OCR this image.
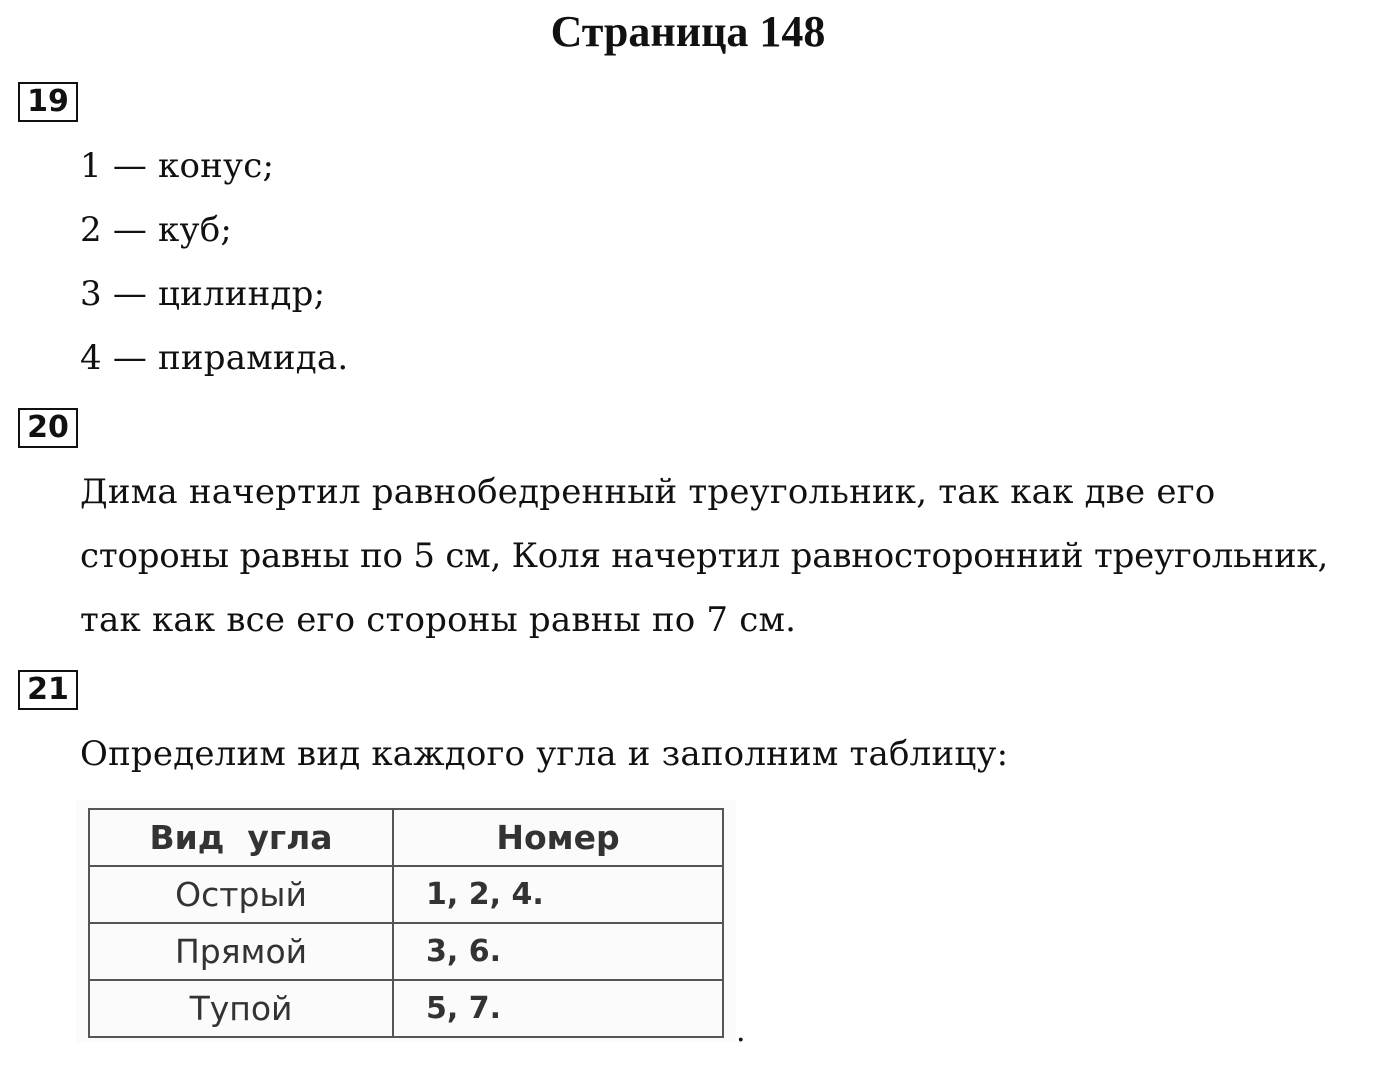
Страница 148
19
1 — конус;
2 — куб;
3 — цилиндр;
4 — пирамида.
20
Дима начертил равнобедренный треугольник, так как две его
стороны равны по 5 см, Коля начертил равносторонний треугольник,
так как все его стороны равны по 7 см.
21
Определим вид каждого угла и заполним таблицу:
Вид  угла	Номер
Острый	1, 2, 4.
Прямой	3, 6.
Тупой	5, 7.
.
